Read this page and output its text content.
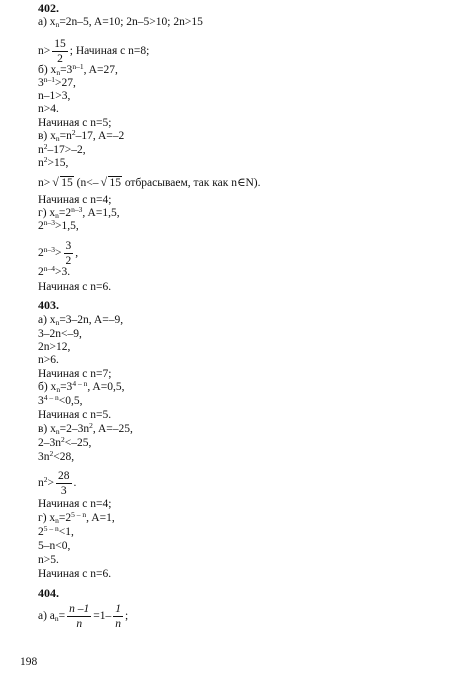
402.
а) $x_n=2n-5$, A=10; 2n–5>10; 2n>15
$n> \frac{15}{2}$ ; Начиная с n=8;
б) $x_n=3^{n-1}$, A=27,
$3^{n-1}>27$,
n–1>3,
n>4.
Начиная с n=5;
в) $x_n=n^2-17$, A=–2
$n^2-17>-2$,
$n^2>15$,
n> √ 15 (n<– √ 15 отбрасываем, так как n∈N).
Начиная с n=4;
г) $x_n=2^{n-3}$, A=1,5,
$2^{n-3}>1,5$,
$2^{n-3}> \frac{3}{2}$ ,
$2^{n-4}>3$.
Начиная с n=6.
403.
а) $x_n=3-2n$, A=–9,
3–2n<–9,
2n>12,
n>6.
Начиная с n=7;
б) $x_n=3^{4 - n}$, A=0,5,
$3^{4 - n}<0,5$,
Начиная с n=5.
в) $x_n=2-3n^2$, A=–25,
$2-3n^2<-25$,
$3n^2<28$,
$n^2> \frac{28}{3}$ .
Начиная с n=4;
г) $x_n=2^{5 - n}$, A=1,
$2^{5 - n}<1$,
5–n<0,
n>5.
Начиная с n=6.
404.
а) $a_n= \frac{n -1}{n} =1- \frac{1}{n}$ ;
198
